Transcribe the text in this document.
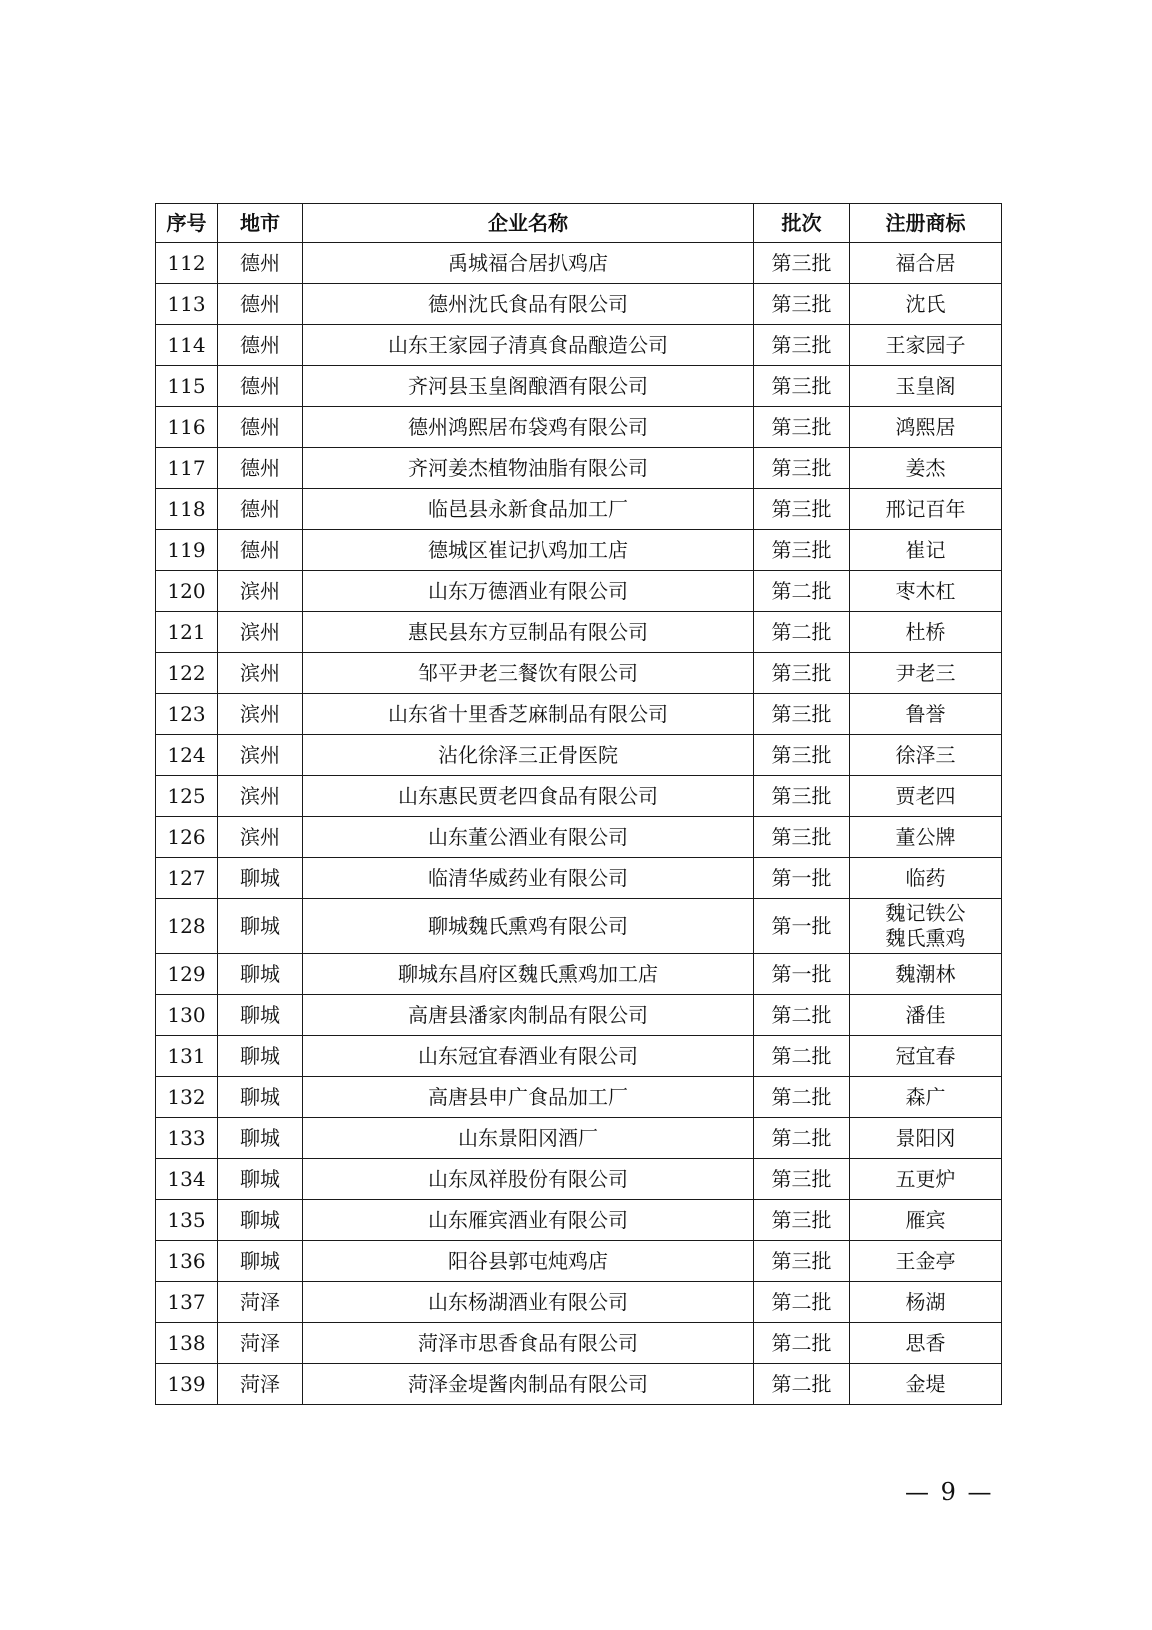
序号	地市	企业名称	批次	注册商标
112	德州	禹城福合居扒鸡店	第三批	福合居

113	德州	德州沈氏食品有限公司	第三批	沈氏

114	德州	山东王家园子清真食品酿造公司	第三批	王家园子

115	德州	齐河县玉皇阁酿酒有限公司	第三批	玉皇阁

116	德州	德州鸿熙居布袋鸡有限公司	第三批	鸿熙居

117	德州	齐河姜杰植物油脂有限公司	第三批	姜杰

118	德州	临邑县永新食品加工厂	第三批	邢记百年

119	德州	德城区崔记扒鸡加工店	第三批	崔记

120	滨州	山东万德酒业有限公司	第二批	枣木杠

121	滨州	惠民县东方豆制品有限公司	第二批	杜桥

122	滨州	邹平尹老三餐饮有限公司	第三批	尹老三

123	滨州	山东省十里香芝麻制品有限公司	第三批	鲁誉

124	滨州	沾化徐泽三正骨医院	第三批	徐泽三

125	滨州	山东惠民贾老四食品有限公司	第三批	贾老四

126	滨州	山东董公酒业有限公司	第三批	董公牌

127	聊城	临清华威药业有限公司	第一批	临药

128	聊城	聊城魏氏熏鸡有限公司	第一批	魏记铁公
魏氏熏鸡

129	聊城	聊城东昌府区魏氏熏鸡加工店	第一批	魏潮林

130	聊城	高唐县潘家肉制品有限公司	第二批	潘佳

131	聊城	山东冠宜春酒业有限公司	第二批	冠宜春

132	聊城	高唐县申广食品加工厂	第二批	森广

133	聊城	山东景阳冈酒厂	第二批	景阳冈

134	聊城	山东凤祥股份有限公司	第三批	五更炉

135	聊城	山东雁宾酒业有限公司	第三批	雁宾

136	聊城	阳谷县郭屯炖鸡店	第三批	王金亭

137	菏泽	山东杨湖酒业有限公司	第二批	杨湖

138	菏泽	菏泽市思香食品有限公司	第二批	思香

139	菏泽	菏泽金堤酱肉制品有限公司	第二批	金堤
— 9 —
